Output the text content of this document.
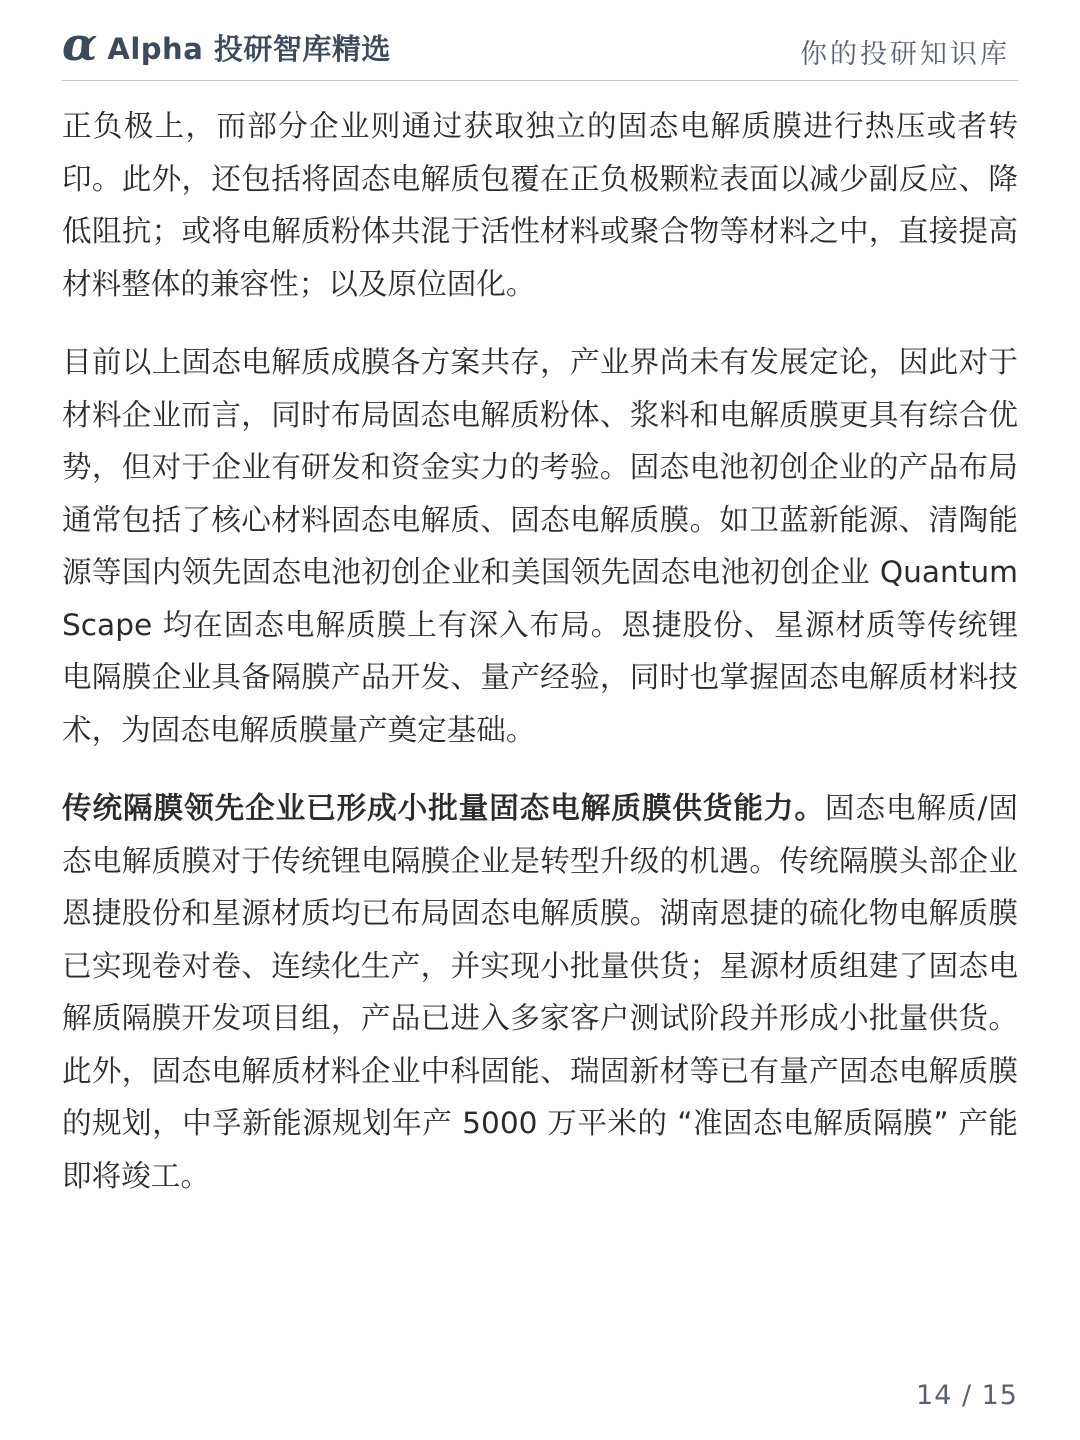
α Alpha 投研智库精选	你的投研知识库

正负极上，而部分企业则通过获取独立的固态电解质膜进行热压或者转印。此外，还包括将固态电解质包覆在正负极颗粒表面以减少副反应、降低阻抗；或将电解质粉体共混于活性材料或聚合物等材料之中，直接提高材料整体的兼容性；以及原位固化。

目前以上固态电解质成膜各方案共存，产业界尚未有发展定论，因此对于材料企业而言，同时布局固态电解质粉体、浆料和电解质膜更具有综合优势，但对于企业有研发和资金实力的考验。固态电池初创企业的产品布局通常包括了核心材料固态电解质、固态电解质膜。如卫蓝新能源、清陶能源等国内领先固态电池初创企业和美国领先固态电池初创企业 Quantum Scape 均在固态电解质膜上有深入布局。恩捷股份、星源材质等传统锂电隔膜企业具备隔膜产品开发、量产经验，同时也掌握固态电解质材料技术，为固态电解质膜量产奠定基础。

传统隔膜领先企业已形成小批量固态电解质膜供货能力。固态电解质/固态电解质膜对于传统锂电隔膜企业是转型升级的机遇。传统隔膜头部企业恩捷股份和星源材质均已布局固态电解质膜。湖南恩捷的硫化物电解质膜已实现卷对卷、连续化生产，并实现小批量供货；星源材质组建了固态电解质隔膜开发项目组，产品已进入多家客户测试阶段并形成小批量供货。此外，固态电解质材料企业中科固能、瑞固新材等已有量产固态电解质膜的规划，中孚新能源规划年产 5000 万平米的 “准固态电解质隔膜” 产能即将竣工。

14 / 15
